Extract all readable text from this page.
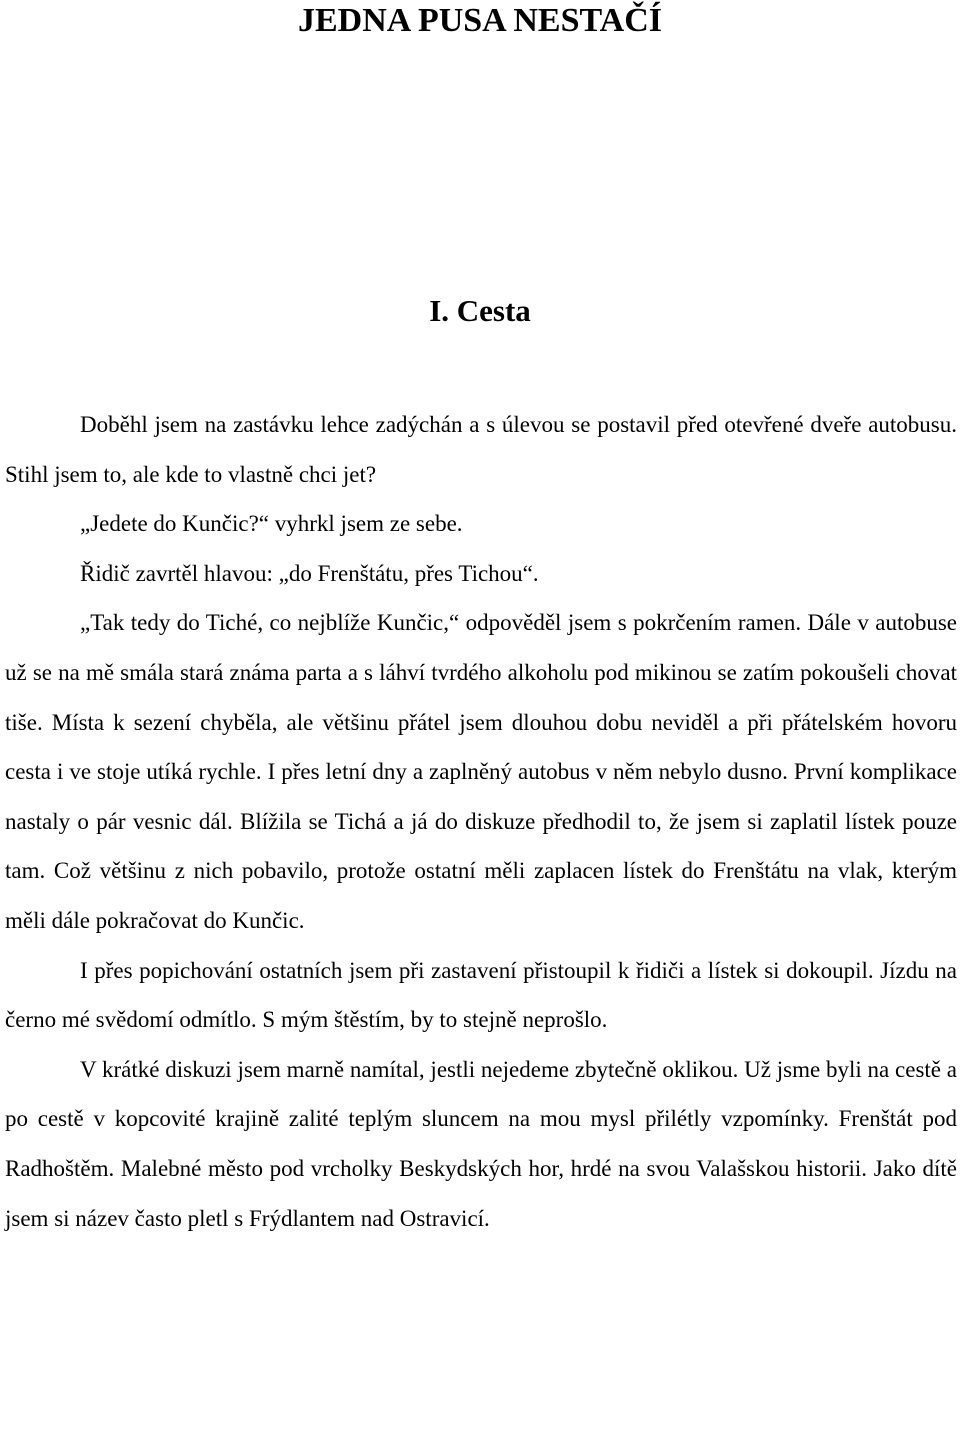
JEDNA PUSA NESTAČÍ
I. Cesta

Doběhl jsem na zastávku lehce zadýchán a s úlevou se postavil před otevřené dveře autobusu. Stihl jsem to, ale kde to vlastně chci jet?

„Jedete do Kunčic?“ vyhrkl jsem ze sebe.

Řidič zavrtěl hlavou: „do Frenštátu, přes Tichou“.

„Tak tedy do Tiché, co nejblíže Kunčic,“ odpověděl jsem s pokrčením ramen. Dále v autobuse už se na mě smála stará známa parta a s láhví tvrdého alkoholu pod mikinou se zatím pokoušeli chovat tiše. Místa k sezení chyběla, ale většinu přátel jsem dlouhou dobu neviděl a při přátelském hovoru cesta i ve stoje utíká rychle. I přes letní dny a zaplněný autobus v něm nebylo dusno. První komplikace nastaly o pár vesnic dál. Blížila se Tichá a já do diskuze předhodil to, že jsem si zaplatil lístek pouze tam. Což většinu z nich pobavilo, protože ostatní měli zaplacen lístek do Frenštátu na vlak, kterým měli dále pokračovat do Kunčic.

I přes popichování ostatních jsem při zastavení přistoupil k řidiči a lístek si dokoupil. Jízdu na černo mé svědomí odmítlo. S mým štěstím, by to stejně neprošlo.

V krátké diskuzi jsem marně namítal, jestli nejedeme zbytečně oklikou. Už jsme byli na cestě a po cestě v kopcovité krajině zalité teplým sluncem na mou mysl přilétly vzpomínky. Frenštát pod Radhoštěm. Malebné město pod vrcholky Beskydských hor, hrdé na svou Valašskou historii. Jako dítě jsem si název často pletl s Frýdlantem nad Ostravicí.
